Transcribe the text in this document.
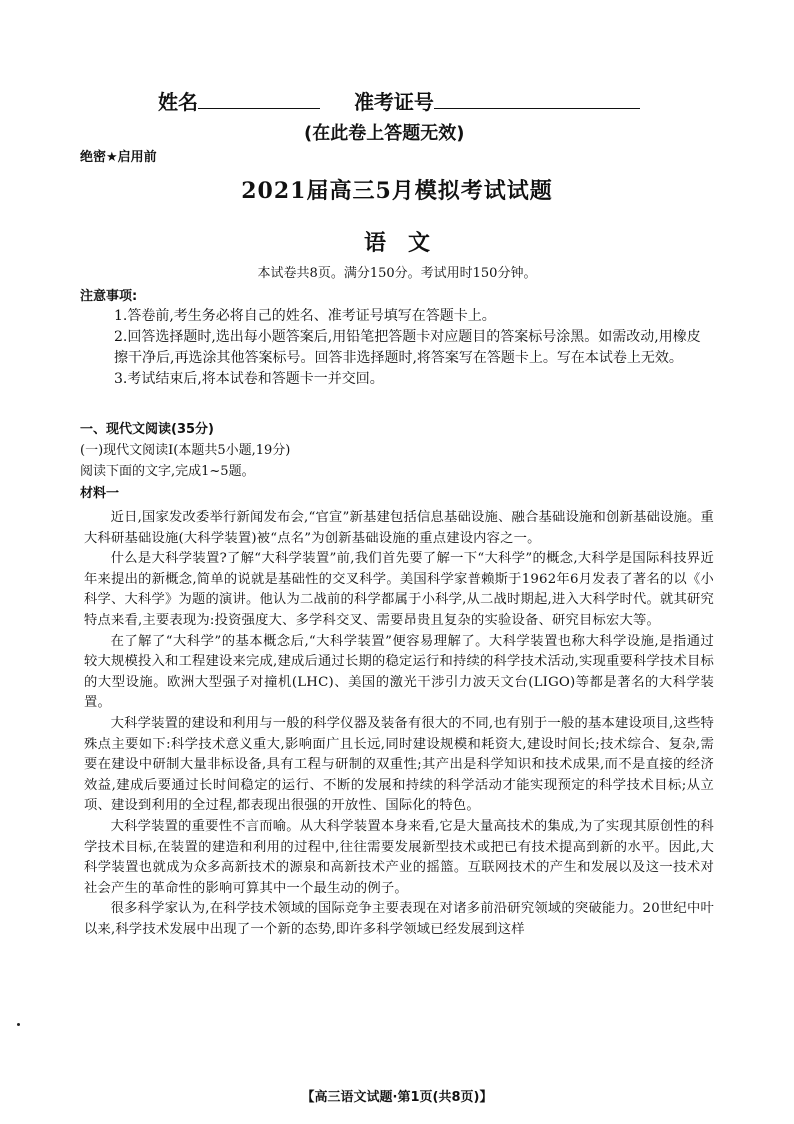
姓名	准考证号
(在此卷上答题无效)
绝密★启用前
2021届高三5月模拟考试试题
语文
本试卷共8页。满分150分。考试用时150分钟。
注意事项:

1.答卷前,考生务必将自己的姓名、准考证号填写在答题卡上。

2.回答选择题时,选出每小题答案后,用铅笔把答题卡对应题目的答案标号涂黑。如需改动,用橡皮擦干净后,再选涂其他答案标号。回答非选择题时,将答案写在答题卡上。写在本试卷上无效。

3.考试结束后,将本试卷和答题卡一并交回。

一、现代文阅读(35分)
(一)现代文阅读Ⅰ(本题共5小题,19分)
阅读下面的文字,完成1~5题。
材料一

近日,国家发改委举行新闻发布会,“官宣”新基建包括信息基础设施、融合基础设施和创新基础设施。重大科研基础设施(大科学装置)被“点名”为创新基础设施的重点建设内容之一。

什么是大科学装置?了解“大科学装置”前,我们首先要了解一下“大科学”的概念,大科学是国际科技界近年来提出的新概念,简单的说就是基础性的交叉科学。美国科学家普赖斯于1962年6月发表了著名的以《小科学、大科学》为题的演讲。他认为二战前的科学都属于小科学,从二战时期起,进入大科学时代。就其研究特点来看,主要表现为:投资强度大、多学科交叉、需要昂贵且复杂的实验设备、研究目标宏大等。

在了解了“大科学”的基本概念后,“大科学装置”便容易理解了。大科学装置也称大科学设施,是指通过较大规模投入和工程建设来完成,建成后通过长期的稳定运行和持续的科学技术活动,实现重要科学技术目标的大型设施。欧洲大型强子对撞机(LHC)、美国的激光干涉引力波天文台(LIGO)等都是著名的大科学装置。

大科学装置的建设和利用与一般的科学仪器及装备有很大的不同,也有别于一般的基本建设项目,这些特殊点主要如下:科学技术意义重大,影响面广且长远,同时建设规模和耗资大,建设时间长;技术综合、复杂,需要在建设中研制大量非标设备,具有工程与研制的双重性;其产出是科学知识和技术成果,而不是直接的经济效益,建成后要通过长时间稳定的运行、不断的发展和持续的科学活动才能实现预定的科学技术目标;从立项、建设到利用的全过程,都表现出很强的开放性、国际化的特色。

大科学装置的重要性不言而喻。从大科学装置本身来看,它是大量高技术的集成,为了实现其原创性的科学技术目标,在装置的建造和利用的过程中,往往需要发展新型技术或把已有技术提高到新的水平。因此,大科学装置也就成为众多高新技术的源泉和高新技术产业的摇篮。互联网技术的产生和发展以及这一技术对社会产生的革命性的影响可算其中一个最生动的例子。

很多科学家认为,在科学技术领域的国际竞争主要表现在对诸多前沿研究领域的突破能力。20世纪中叶以来,科学技术发展中出现了一个新的态势,即许多科学领域已经发展到这样

【高三语文试题·第1页(共8页)】
